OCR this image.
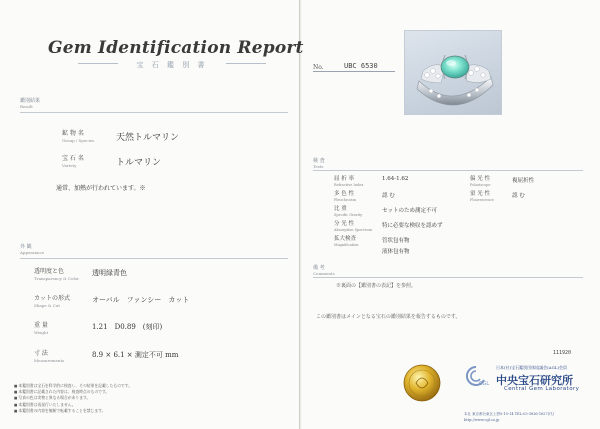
Gem Identification Report
宝 石 鑑 別 書
鑑別結果
Result
鉱 物 名
Group / Species 天然トルマリン
宝 石 名
Variety	トルマリン
通常、加熱が行われています。※
外 観
Appearance
透明度と色
Transparency & Color
透明緑青色
カットの形式
Shape & Cut
オーバル　ファンシー　カット
重 量
Weight
1.21　D0.89　(刻印)
寸 法
Measurements
8.9 × 6.1 × 測定不可 mm
■ 本鑑別書は宝石を科学的に検査し、その結果を記載したものです。
■ 本鑑別書に記載された内容は、検査時点のものです。
■ 写真の色は実物と異なる場合があります。
■ 本鑑別書は再発行いたしません。
■ 本鑑別書の内容を無断で転載することを禁じます。
No.	UBC 6530
検 査
Tests
屈 折 率
Refractive Index
1.64-1.62
多 色 性
Pleochroism
認 む
比 重
Specific Gravity
セットのため測定不可
分 光 性
Absorption Spectrum
特に必要な検収を認めず
拡大検査
Magnification
管状包有物
液体包有物
偏 光 性
Polariscope
複屈折性
蛍 光 性
Fluorescence
認 む
備 考
Comments
※裏面の【鑑別書の表記】を参照。
この鑑別書はメインとなる宝石の鑑別結果を報告するものです。
111920
CGL
日本(社)宝石鑑別団体協議会(AGL)会員
中央宝石研究所
Central Gem Laboratory
本社 東京都台東区上野5-15-14 TEL:03-3836-1627(代)
http://www.cgl.co.jp
